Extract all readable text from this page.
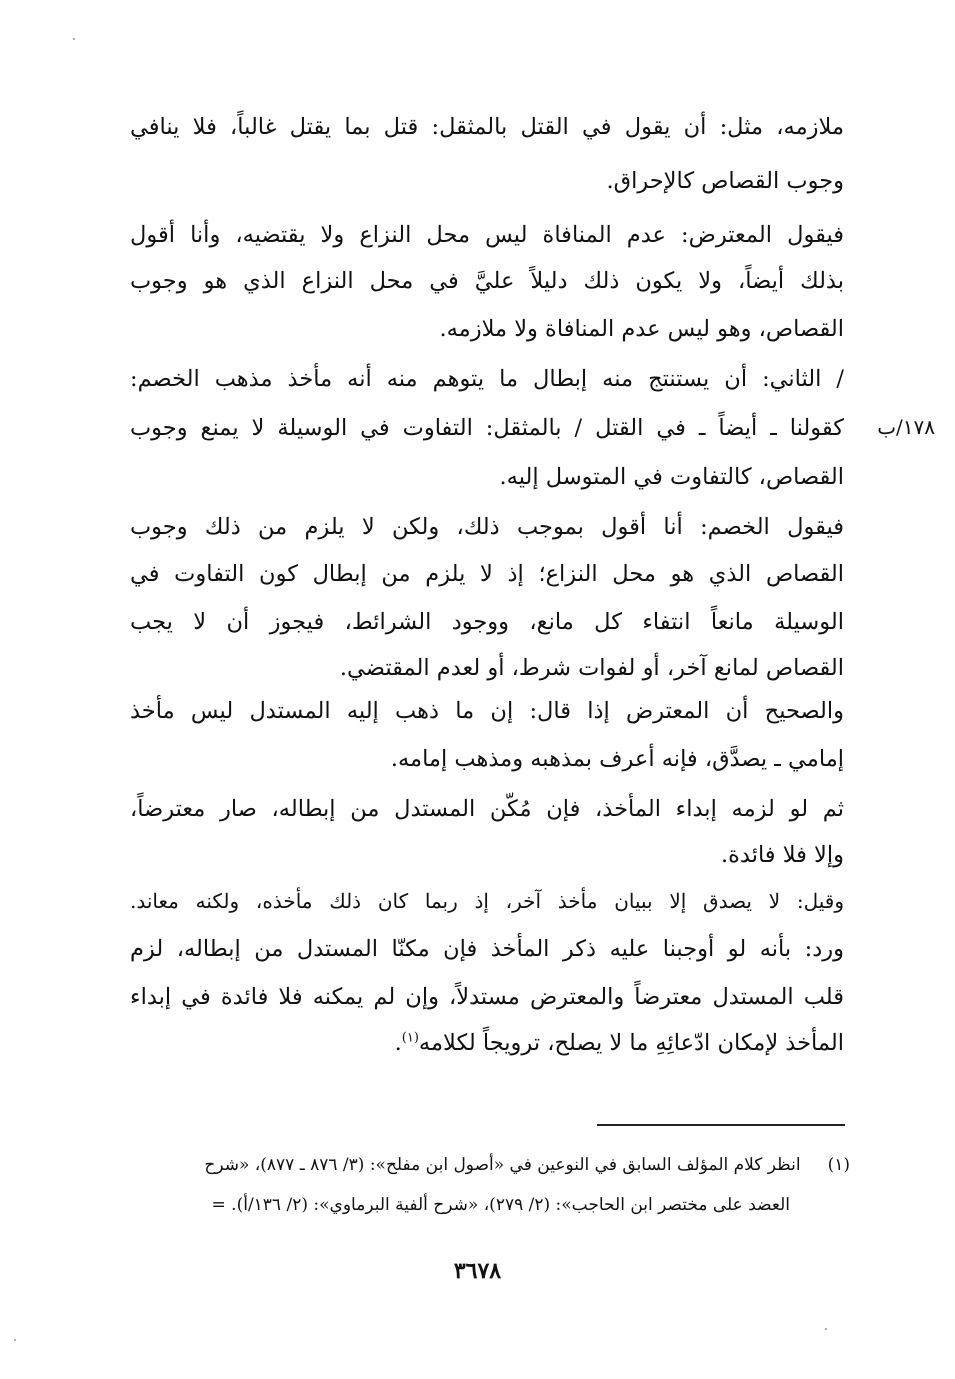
ملازمه، مثل: أن يقول في القتل بالمثقل: قتل بما يقتل غالباً، فلا ينافي
وجوب القصاص كالإحراق.
فيقول المعترض: عدم المنافاة ليس محل النزاع ولا يقتضيه، وأنا أقول
بذلك أيضاً، ولا يكون ذلك دليلاً عليَّ في محل النزاع الذي هو وجوب
القصاص، وهو ليس عدم المنافاة ولا ملازمه.
/ الثاني: أن يستنتج منه إبطال ما يتوهم منه أنه مأخذ مذهب الخصم:
١٧٨/ب
كقولنا ـ أيضاً ـ في القتل / بالمثقل: التفاوت في الوسيلة لا يمنع وجوب
القصاص، كالتفاوت في المتوسل إليه.
فيقول الخصم: أنا أقول بموجب ذلك، ولكن لا يلزم من ذلك وجوب
القصاص الذي هو محل النزاع؛ إذ لا يلزم من إبطال كون التفاوت في
الوسيلة مانعاً انتفاء كل مانع، ووجود الشرائط، فيجوز أن لا يجب
القصاص لمانع آخر، أو لفوات شرط، أو لعدم المقتضي.
والصحيح أن المعترض إذا قال: إن ما ذهب إليه المستدل ليس مأخذ
إمامي ـ يصدَّق، فإنه أعرف بمذهبه ومذهب إمامه.
ثم لو لزمه إبداء المأخذ، فإن مُكّن المستدل من إبطاله، صار معترضاً،
وإلا فلا فائدة.
وقيل: لا يصدق إلا ببيان مأخذ آخر، إذ ربما كان ذلك مأخذه، ولكنه معاند.
ورد: بأنه لو أوجبنا عليه ذكر المأخذ فإن مكنّا المستدل من إبطاله، لزم
قلب المستدل معترضاً والمعترض مستدلاً، وإن لم يمكنه فلا فائدة في إبداء
المأخذ لإمكان ادّعائِهِ ما لا يصلح، ترويجاً لكلامه$^{(١)}$.
(١) انظر كلام المؤلف السابق في النوعين في «أصول ابن مفلح»: (٣/ ٨٧٦ ـ ٨٧٧)، «شرح
العضد على مختصر ابن الحاجب»: (٢/ ٢٧٩)، «شرح ألفية البرماوي»: (٢/ ١٣٦/أ). =
٣٦٧٨
